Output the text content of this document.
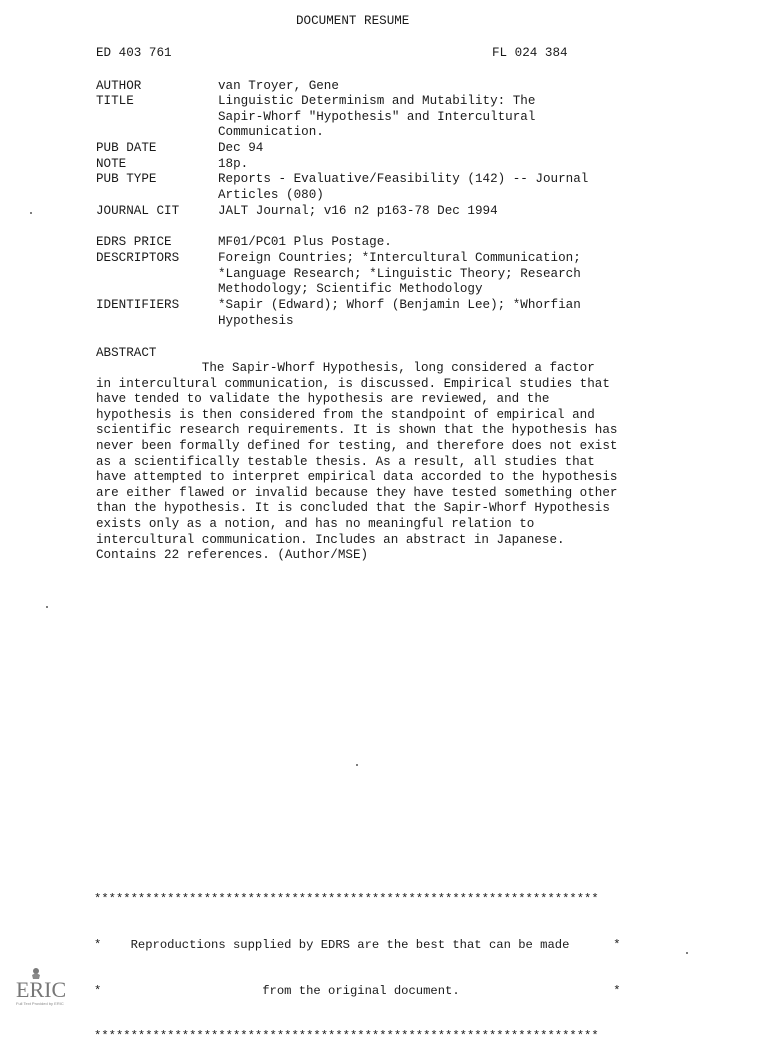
DOCUMENT RESUME
ED 403 761	FL 024 384
AUTHOR	van Troyer, Gene
TITLE	Linguistic Determinism and Mutability: The
Sapir-Whorf "Hypothesis" and Intercultural
Communication.
PUB DATE	Dec 94
NOTE	18p.
PUB TYPE	Reports - Evaluative/Feasibility (142) -- Journal
Articles (080)
JOURNAL CIT	JALT Journal; v16 n2 p163-78 Dec 1994
EDRS PRICE	MF01/PC01 Plus Postage.
DESCRIPTORS	Foreign Countries; *Intercultural Communication;
*Language Research; *Linguistic Theory; Research
Methodology; Scientific Methodology
IDENTIFIERS	*Sapir (Edward); Whorf (Benjamin Lee); *Whorfian
Hypothesis
ABSTRACT
The Sapir-Whorf Hypothesis, long considered a factor
in intercultural communication, is discussed. Empirical studies that
have tended to validate the hypothesis are reviewed, and the
hypothesis is then considered from the standpoint of empirical and
scientific research requirements. It is shown that the hypothesis has
never been formally defined for testing, and therefore does not exist
as a scientifically testable thesis. As a result, all studies that
have attempted to interpret empirical data accorded to the hypothesis
are either flawed or invalid because they have tested something other
than the hypothesis. It is concluded that the Sapir-Whorf Hypothesis
exists only as a notion, and has no meaningful relation to
intercultural communication. Includes an abstract in Japanese.
Contains 22 references. (Author/MSE)

*********************************************************************

*    Reproductions supplied by EDRS are the best that can be made      *

*                      from the original document.                     *

*********************************************************************

ERIC
Full Text Provided by ERIC
